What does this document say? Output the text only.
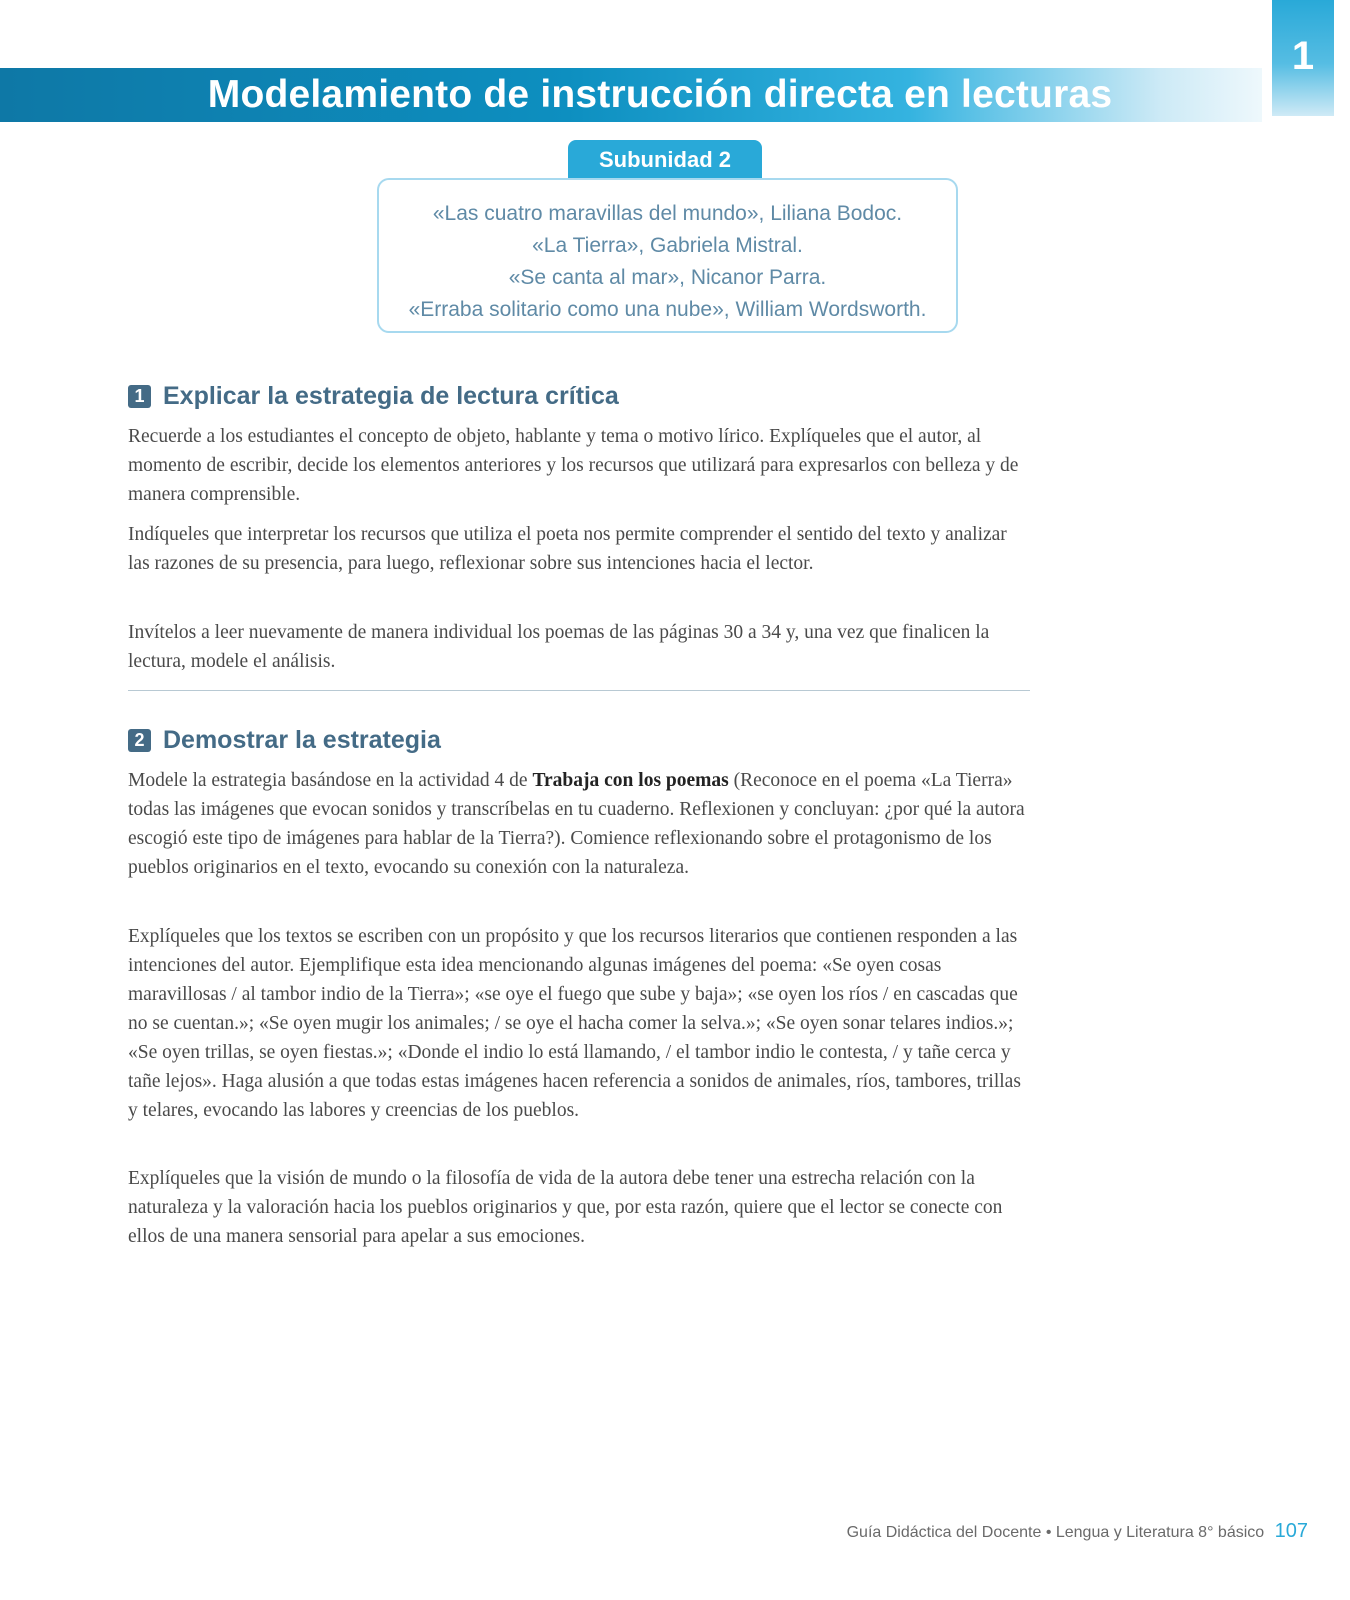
Modelamiento de instrucción directa en lecturas
1
Subunidad 2
«Las cuatro maravillas del mundo», Liliana Bodoc.
«La Tierra», Gabriela Mistral.
«Se canta al mar», Nicanor Parra.
«Erraba solitario como una nube», William Wordsworth.
1 Explicar la estrategia de lectura crítica

Recuerde a los estudiantes el concepto de objeto, hablante y tema o motivo lírico. Explíqueles que el autor, al momento de escribir, decide los elementos anteriores y los recursos que utilizará para expresarlos con belleza y de manera comprensible.

Indíqueles que interpretar los recursos que utiliza el poeta nos permite comprender el sentido del texto y analizar las razones de su presencia, para luego, reflexionar sobre sus intenciones hacia el lector.

Invítelos a leer nuevamente de manera individual los poemas de las páginas 30 a 34 y, una vez que finalicen la lectura, modele el análisis.

2 Demostrar la estrategia

Modele la estrategia basándose en la actividad 4 de Trabaja con los poemas (Reconoce en el poema «La Tierra» todas las imágenes que evocan sonidos y transcríbelas en tu cuaderno. Reflexionen y concluyan: ¿por qué la autora escogió este tipo de imágenes para hablar de la Tierra?). Comience reflexionando sobre el protagonismo de los pueblos originarios en el texto, evocando su conexión con la naturaleza.

Explíqueles que los textos se escriben con un propósito y que los recursos literarios que contienen responden a las intenciones del autor. Ejemplifique esta idea mencionando algunas imágenes del poema: «Se oyen cosas maravillosas / al tambor indio de la Tierra»; «se oye el fuego que sube y baja»; «se oyen los ríos / en cascadas que no se cuentan.»; «Se oyen mugir los animales; / se oye el hacha comer la selva.»; «Se oyen sonar telares indios.»; «Se oyen trillas, se oyen fiestas.»; «Donde el indio lo está llamando, / el tambor indio le contesta, / y tañe cerca y tañe lejos». Haga alusión a que todas estas imágenes hacen referencia a sonidos de animales, ríos, tambores, trillas y telares, evocando las labores y creencias de los pueblos.

Explíqueles que la visión de mundo o la filosofía de vida de la autora debe tener una estrecha relación con la naturaleza y la valoración hacia los pueblos originarios y que, por esta razón, quiere que el lector se conecte con ellos de una manera sensorial para apelar a sus emociones.

Guía Didáctica del Docente • Lengua y Literatura 8° básico 107
